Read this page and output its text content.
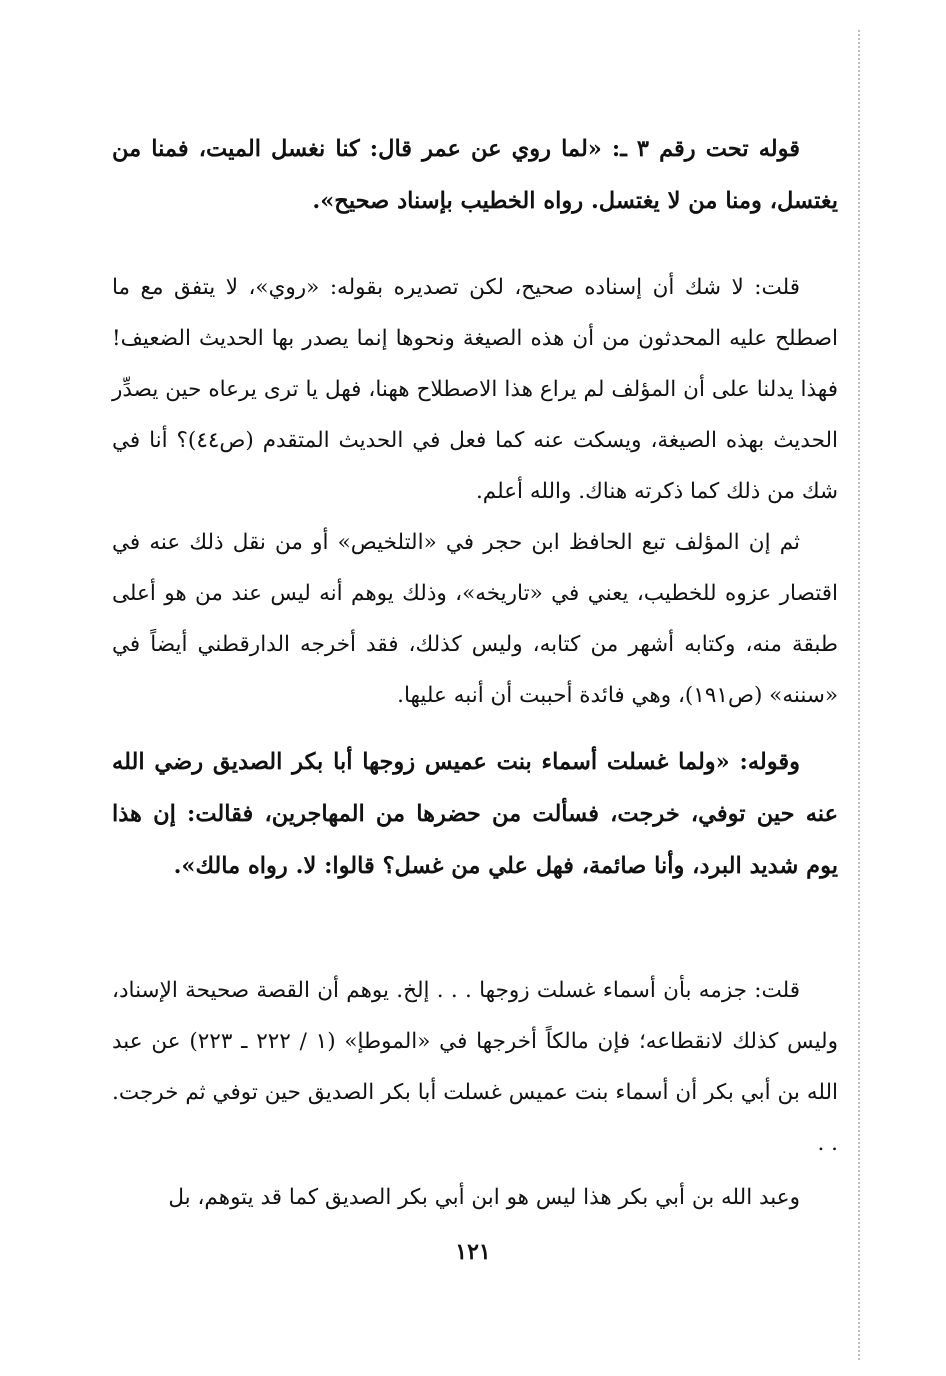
قوله تحت رقم ٣ ـ: «لما روي عن عمر قال: كنا نغسل الميت، فمنا من يغتسل، ومنا من لا يغتسل. رواه الخطيب بإسناد صحيح».

قلت: لا شك أن إسناده صحيح، لكن تصديره بقوله: «روي»، لا يتفق مع ما اصطلح عليه المحدثون من أن هذه الصيغة ونحوها إنما يصدر بها الحديث الضعيف! فهذا يدلنا على أن المؤلف لم يراع هذا الاصطلاح ههنا، فهل يا ترى يرعاه حين يصدِّر الحديث بهذه الصيغة، ويسكت عنه كما فعل في الحديث المتقدم (ص٤٤)؟ أنا في شك من ذلك كما ذكرته هناك. والله أعلم.

ثم إن المؤلف تبع الحافظ ابن حجر في «التلخيص» أو من نقل ذلك عنه في اقتصار عزوه للخطيب، يعني في «تاريخه»، وذلك يوهم أنه ليس عند من هو أعلى طبقة منه، وكتابه أشهر من كتابه، وليس كذلك، فقد أخرجه الدارقطني أيضاً في «سننه» (ص١٩١)، وهي فائدة أحببت أن أنبه عليها.

وقوله: «ولما غسلت أسماء بنت عميس زوجها أبا بكر الصديق رضي الله عنه حين توفي، خرجت، فسألت من حضرها من المهاجرين، فقالت: إن هذا يوم شديد البرد، وأنا صائمة، فهل علي من غسل؟ قالوا: لا. رواه مالك».

قلت: جزمه بأن أسماء غسلت زوجها . . . إلخ. يوهم أن القصة صحيحة الإسناد، وليس كذلك لانقطاعه؛ فإن مالكاً أخرجها في «الموطإ» (١ / ٢٢٢ ـ ٢٢٣) عن عبد الله بن أبي بكر أن أسماء بنت عميس غسلت أبا بكر الصديق حين توفي ثم خرجت. . .

وعبد الله بن أبي بكر هذا ليس هو ابن أبي بكر الصديق كما قد يتوهم، بل

١٢١
